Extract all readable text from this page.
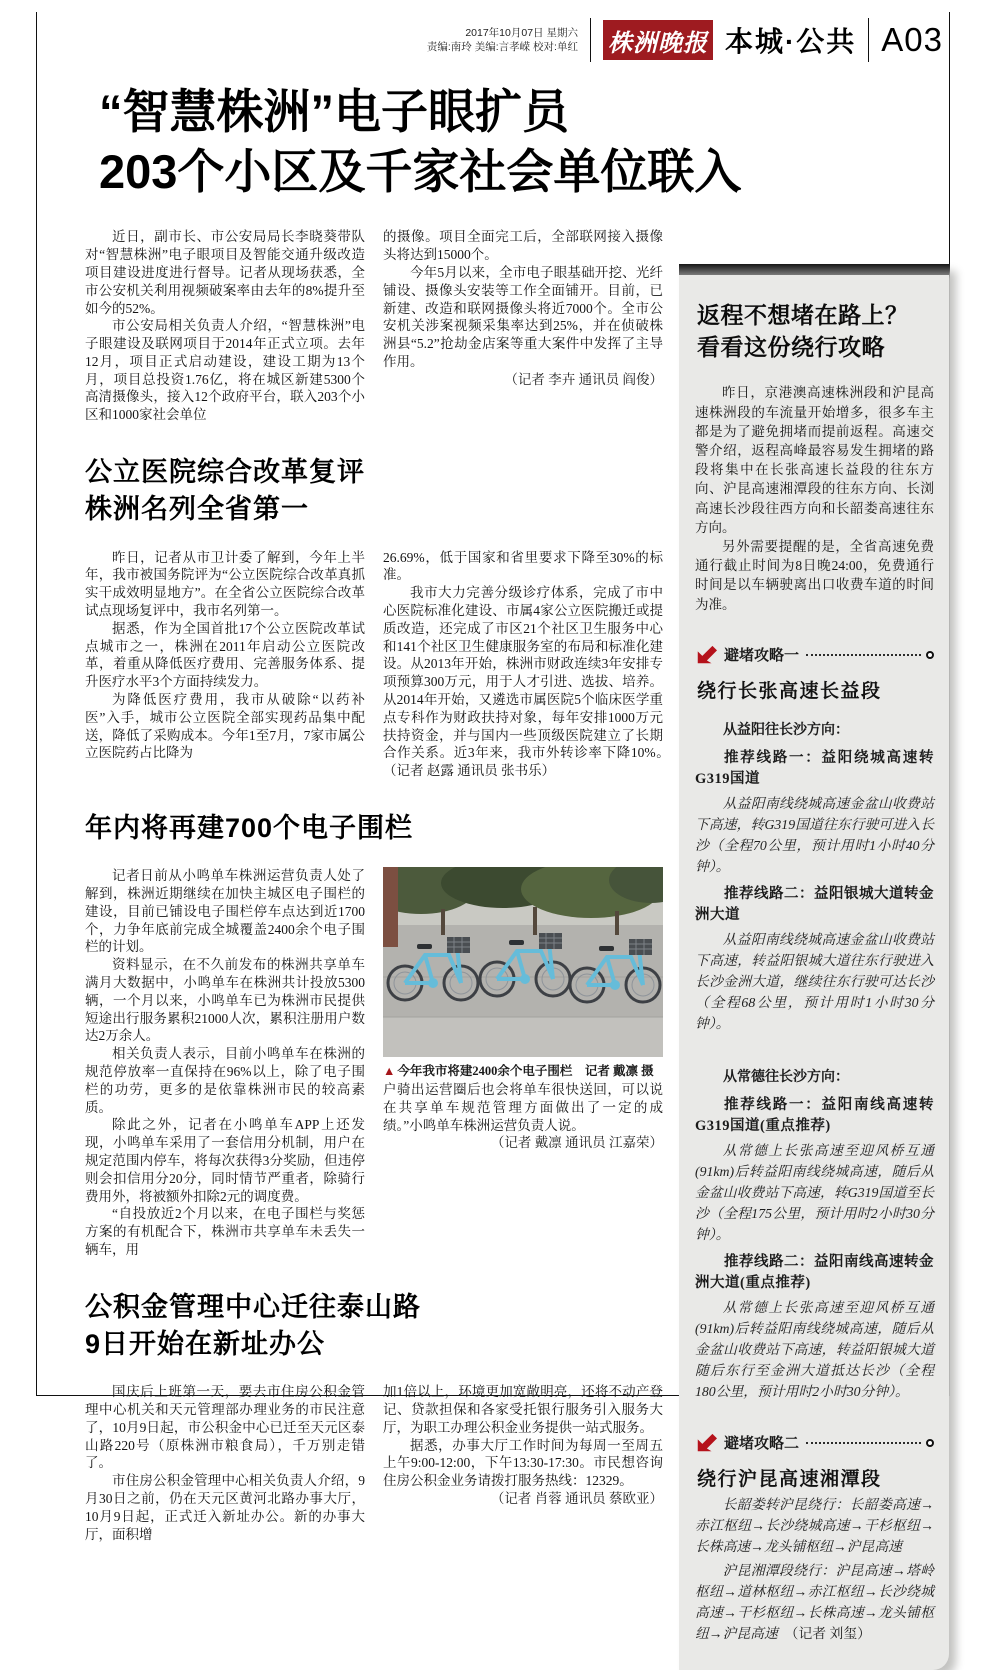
2017年10月07日 星期六
责编:南玲 美编:言孝嵘 校对:单红 株洲晚报 本城·公共 A03
“智慧株洲”电子眼扩员
203个小区及千家社会单位联入

近日，副市长、市公安局局长李晓葵带队对“智慧株洲”电子眼项目及智能交通升级改造项目建设进度进行督导。记者从现场获悉，全市公安机关利用视频破案率由去年的8%提升至如今的52%。

市公安局相关负责人介绍，“智慧株洲”电子眼建设及联网项目于2014年正式立项。去年12月，项目正式启动建设，建设工期为13个月，项目总投资1.76亿，将在城区新建5300个高清摄像头，接入12个政府平台，联入203个小区和1000家社会单位

的摄像。项目全面完工后，全部联网接入摄像头将达到15000个。

今年5月以来，全市电子眼基础开挖、光纤铺设、摄像头安装等工作全面铺开。目前，已新建、改造和联网摄像头将近7000个。全市公安机关涉案视频采集率达到25%，并在侦破株洲县“5.2”抢劫金店案等重大案件中发挥了主导作用。

（记者 李卉 通讯员 阎俊）

公立医院综合改革复评
株洲名列全省第一

昨日，记者从市卫计委了解到，今年上半年，我市被国务院评为“公立医院综合改革真抓实干成效明显地方”。在全省公立医院综合改革试点现场复评中，我市名列第一。

据悉，作为全国首批17个公立医院改革试点城市之一，株洲在2011年启动公立医院改革，着重从降低医疗费用、完善服务体系、提升医疗水平3个方面持续发力。

为降低医疗费用，我市从破除“以药补医”入手，城市公立医院全部实现药品集中配送，降低了采购成本。今年1至7月，7家市属公立医院药占比降为

26.69%，低于国家和省里要求下降至30%的标准。

我市大力完善分级诊疗体系，完成了市中心医院标准化建设、市属4家公立医院搬迁或提质改造，还完成了市区21个社区卫生服务中心和141个社区卫生健康服务室的布局和标准化建设。从2013年开始，株洲市财政连续3年安排专项预算300万元，用于人才引进、选拔、培养。从2014年开始，又遴选市属医院5个临床医学重点专科作为财政扶持对象，每年安排1000万元扶持资金，并与国内一些顶级医院建立了长期合作关系。近3年来，我市外转诊率下降10%。　（记者 赵露 通讯员 张书乐）

年内将再建700个电子围栏

记者日前从小鸣单车株洲运营负责人处了解到，株洲近期继续在加快主城区电子围栏的建设，目前已铺设电子围栏停车点达到近1700个，力争年底前完成全城覆盖2400余个电子围栏的计划。

资料显示，在不久前发布的株洲共享单车满月大数据中，小鸣单车在株洲共计投放5300辆，一个月以来，小鸣单车已为株洲市民提供短途出行服务累积21000人次，累积注册用户数达2万余人。

相关负责人表示，目前小鸣单车在株洲的规范停放率一直保持在96%以上，除了电子围栏的功劳，更多的是依靠株洲市民的较高素质。

除此之外，记者在小鸣单车APP上还发现，小鸣单车采用了一套信用分机制，用户在规定范围内停车，将每次获得3分奖励，但违停则会扣信用分20分，同时情节严重者，除骑行费用外，将被额外扣除2元的调度费。

“自投放近2个月以来，在电子围栏与奖惩方案的有机配合下，株洲市共享单车未丢失一辆车，用

▲ 今年我市将建2400余个电子围栏　记者 戴凛 摄

户骑出运营圈后也会将单车很快送回，可以说在共享单车规范管理方面做出了一定的成绩。”小鸣单车株洲运营负责人说。

（记者 戴凛 通讯员 江嘉荣）

公积金管理中心迁往泰山路
9日开始在新址办公

国庆后上班第一天，要去市住房公积金管理中心机关和天元管理部办理业务的市民注意了，10月9日起，市公积金中心已迁至天元区泰山路220号（原株洲市粮食局），千万别走错了。

市住房公积金管理中心相关负责人介绍，9月30日之前，仍在天元区黄河北路办事大厅，10月9日起，正式迁入新址办公。新的办事大厅，面积增

加1倍以上，环境更加宽敞明亮，还将不动产登记、贷款担保和各家受托银行服务引入服务大厅，为职工办理公积金业务提供一站式服务。

据悉，办事大厅工作时间为每周一至周五上午9:00-12:00，下午13:30-17:30。市民想咨询住房公积金业务请拨打服务热线：12329。

（记者 肖蓉 通讯员 蔡欧亚）

返程不想堵在路上？
看看这份绕行攻略

昨日，京港澳高速株洲段和沪昆高速株洲段的车流量开始增多，很多车主都是为了避免拥堵而提前返程。高速交警介绍，返程高峰最容易发生拥堵的路段将集中在长张高速长益段的往东方向、沪昆高速湘潭段的往东方向、长浏高速长沙段往西方向和长韶娄高速往东方向。

另外需要提醒的是，全省高速免费通行截止时间为8日晚24:00，免费通行时间是以车辆驶离出口收费车道的时间为准。

避堵攻略一
绕行长张高速长益段

从益阳往长沙方向：

推荐线路一：益阳绕城高速转G319国道

从益阳南线绕城高速金盆山收费站下高速，转G319国道往东行驶可进入长沙（全程70公里，预计用时1小时40分钟）。

推荐线路二：益阳银城大道转金洲大道

从益阳南线绕城高速金盆山收费站下高速，转益阳银城大道往东行驶进入长沙金洲大道，继续往东行驶可达长沙（全程68公里，预计用时1小时30分钟）。

从常德往长沙方向：

推荐线路一：益阳南线高速转G319国道(重点推荐)

从常德上长张高速至迎风桥互通(91km)后转益阳南线绕城高速，随后从金盆山收费站下高速，转G319国道至长沙（全程175公里，预计用时2小时30分钟）。

推荐线路二：益阳南线高速转金洲大道(重点推荐)

从常德上长张高速至迎风桥互通(91km)后转益阳南线绕城高速，随后从金盆山收费站下高速，转益阳银城大道随后东行至金洲大道抵达长沙（全程180公里，预计用时2小时30分钟）。

避堵攻略二
绕行沪昆高速湘潭段

长韶娄转沪昆绕行：长韶娄高速→赤江枢纽→长沙绕城高速→干杉枢纽→长株高速→龙头铺枢纽→沪昆高速

沪昆湘潭段绕行：沪昆高速→塔岭枢纽→道林枢纽→赤江枢纽→长沙绕城高速→干杉枢纽→长株高速→龙头铺枢纽→沪昆高速　（记者 刘玺）
